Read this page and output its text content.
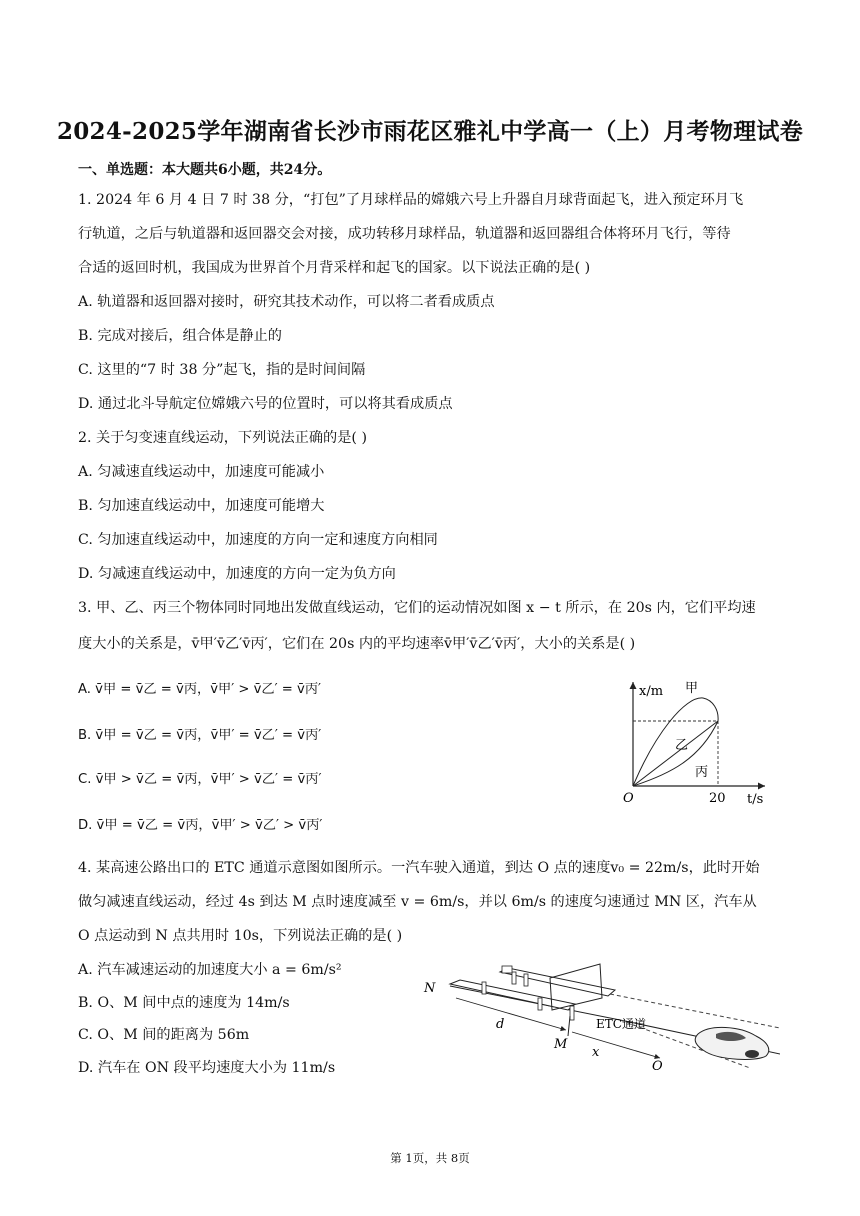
2024-2025学年湖南省长沙市雨花区雅礼中学高一（上）月考物理试卷
一、单选题：本大题共6小题，共24分。
1. 2024 年 6 月 4 日 7 时 38 分，“打包”了月球样品的嫦娥六号上升器自月球背面起飞，进入预定环月飞
行轨道，之后与轨道器和返回器交会对接，成功转移月球样品，轨道器和返回器组合体将环月飞行，等待
合适的返回时机，我国成为世界首个月背采样和起飞的国家。以下说法正确的是( )
A. 轨道器和返回器对接时，研究其技术动作，可以将二者看成质点
B. 完成对接后，组合体是静止的
C. 这里的“7 时 38 分”起飞，指的是时间间隔
D. 通过北斗导航定位嫦娥六号的位置时，可以将其看成质点
2. 关于匀变速直线运动，下列说法正确的是( )
A. 匀减速直线运动中，加速度可能减小
B. 匀加速直线运动中，加速度可能增大
C. 匀加速直线运动中，加速度的方向一定和速度方向相同
D. 匀减速直线运动中，加速度的方向一定为负方向
3. 甲、乙、丙三个物体同时同地出发做直线运动，它们的运动情况如图 x − t 所示，在 20s 内，它们平均速
度大小的关系是，v̄甲′v̄乙′v̄丙′，它们在 20s 内的平均速率v̄甲′v̄乙′v̄丙′，大小的关系是( )
A. v̄甲 = v̄乙 = v̄丙，v̄甲′ > v̄乙′ = v̄丙′
B. v̄甲 = v̄乙 = v̄丙，v̄甲′ = v̄乙′ = v̄丙′
C. v̄甲 > v̄乙 = v̄丙，v̄甲′ > v̄乙′ = v̄丙′
D. v̄甲 = v̄乙 = v̄丙，v̄甲′ > v̄乙′ > v̄丙′
x/m 甲
乙
丙
O	20 t/s
4. 某高速公路出口的 ETC 通道示意图如图所示。一汽车驶入通道，到达 O 点的速度v₀ = 22m/s，此时开始
做匀减速直线运动，经过 4s 到达 M 点时速度减至 v = 6m/s，并以 6m/s 的速度匀速通过 MN 区，汽车从
O 点运动到 N 点共用时 10s，下列说法正确的是( )
A. 汽车减速运动的加速度大小 a = 6m/s²
B. O、M 间中点的速度为 14m/s
C. O、M 间的距离为 56m
D. 汽车在 ON 段平均速度大小为 11m/s
N
d
M
x
O
ETC通道
第 1页，共 8页
